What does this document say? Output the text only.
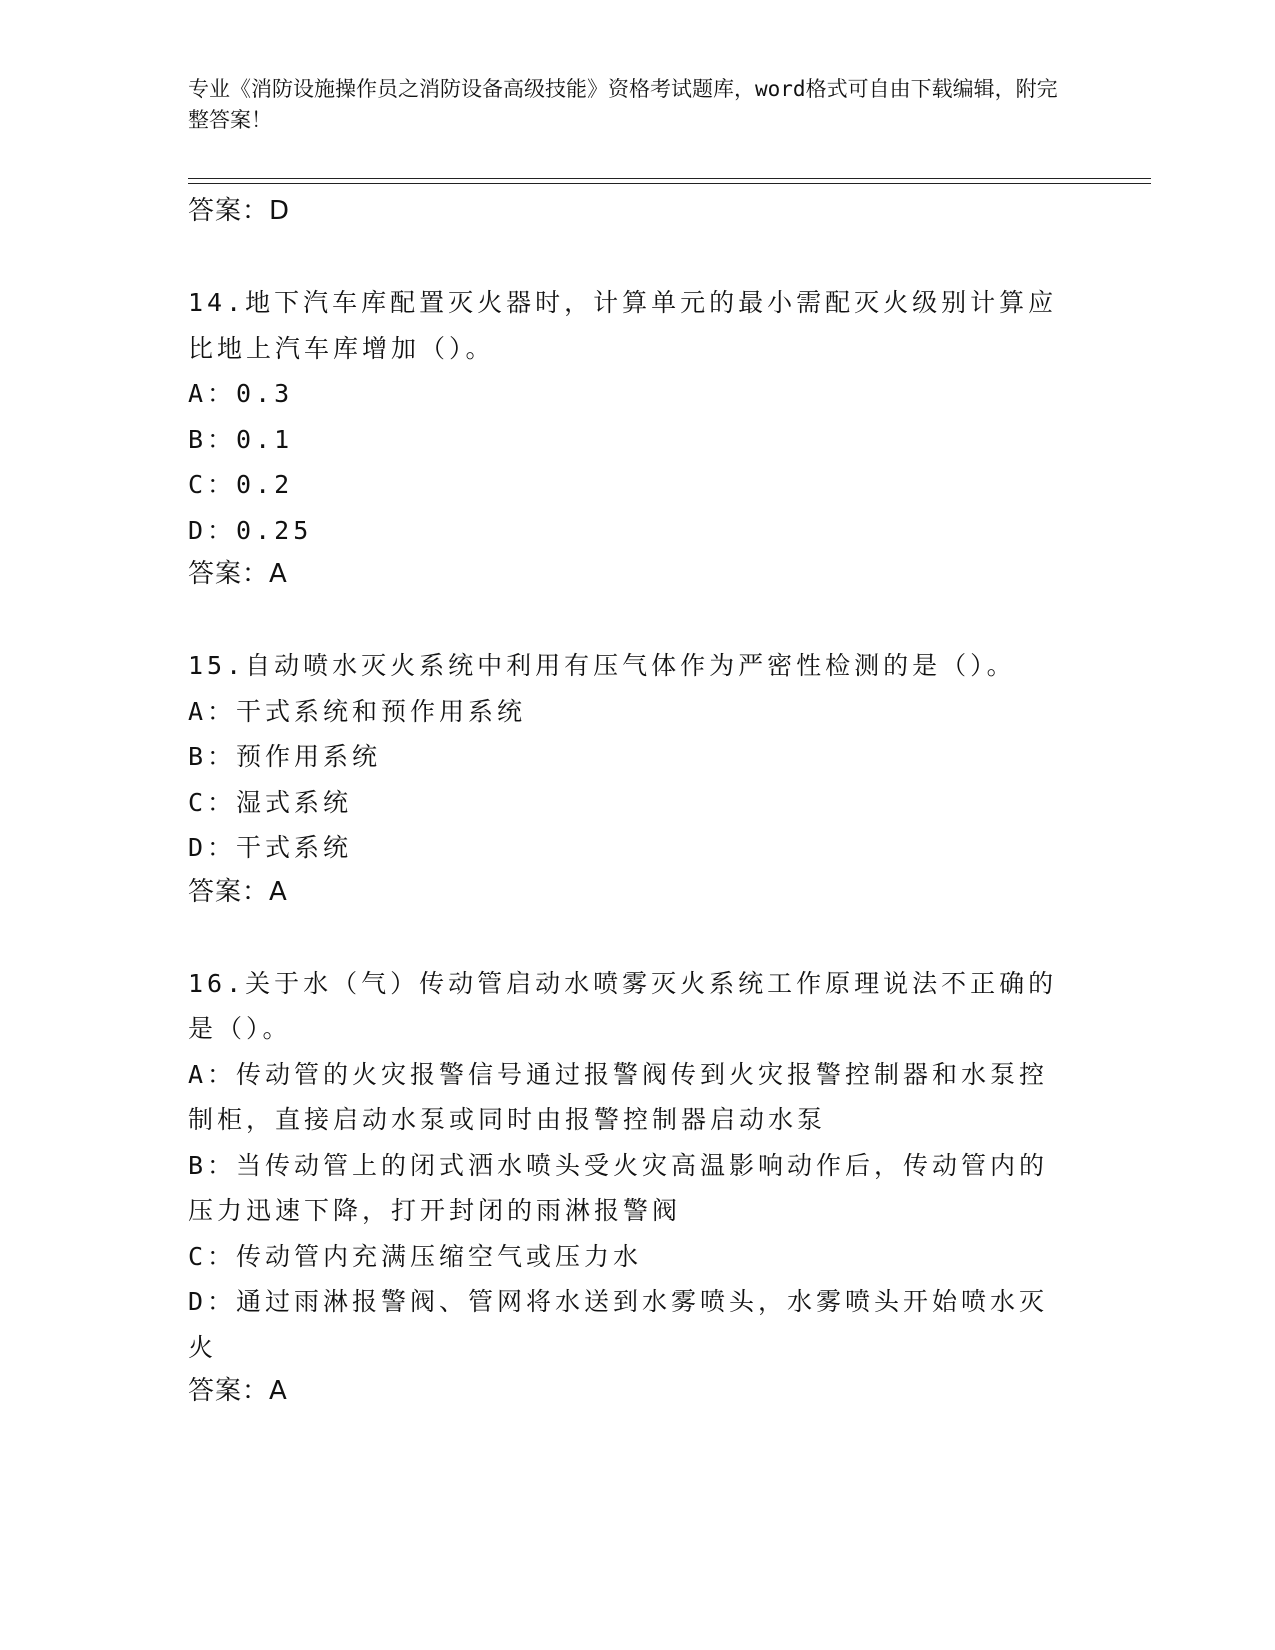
专业《消防设施操作员之消防设备高级技能》资格考试题库，word格式可自由下载编辑，附完整答案！
答案：D
14.地下汽车库配置灭火器时，计算单元的最小需配灭火级别计算应比地上汽车库增加（）。
A：0.3
B：0.1
C：0.2
D：0.25
答案：A
15.自动喷水灭火系统中利用有压气体作为严密性检测的是（）。
A：干式系统和预作用系统
B：预作用系统
C：湿式系统
D：干式系统
答案：A
16.关于水（气）传动管启动水喷雾灭火系统工作原理说法不正确的是（）。
A：传动管的火灾报警信号通过报警阀传到火灾报警控制器和水泵控制柜，直接启动水泵或同时由报警控制器启动水泵
B：当传动管上的闭式洒水喷头受火灾高温影响动作后，传动管内的压力迅速下降，打开封闭的雨淋报警阀
C：传动管内充满压缩空气或压力水
D：通过雨淋报警阀、管网将水送到水雾喷头，水雾喷头开始喷水灭火
答案：A
